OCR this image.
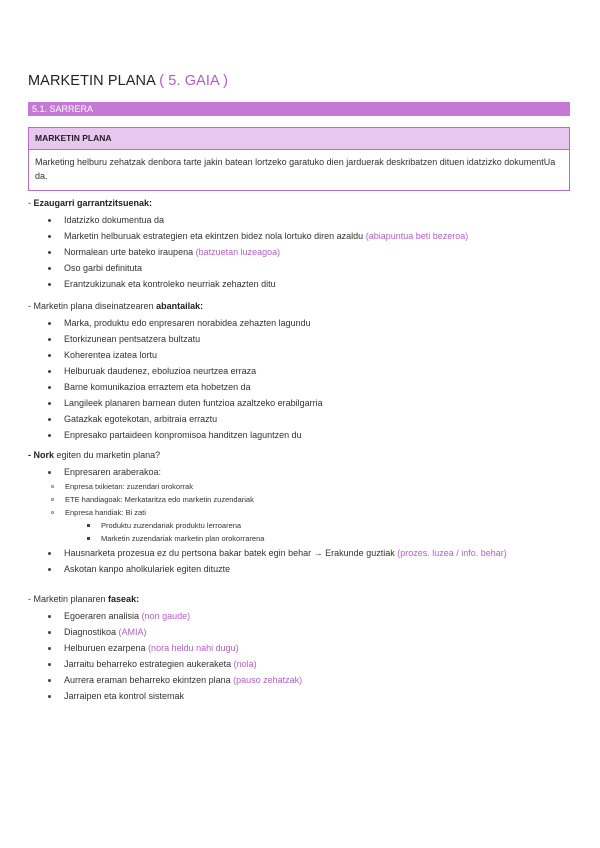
MARKETIN PLANA ( 5. GAIA )
5.1. SARRERA
MARKETIN PLANA
Marketing helburu zehatzak denbora tarte jakin batean lortzeko garatuko dien jarduerak deskribatzen dituen idatzizko dokumentUa da.
- Ezaugarri garrantzitsuenak:
Idatzizko dokumentua da
Marketin helburuak estrategien eta ekintzen bidez nola lortuko diren azaldu (abiapuntua beti bezeroa)
Normalean urte bateko iraupena (batzuetan luzeagoa)
Oso garbi definituta
Erantzukizunak eta kontroleko neurriak zehazten ditu
- Marketin plana diseinatzearen abantailak:
Marka, produktu edo enpresaren norabidea zehazten lagundu
Etorkizunean pentsatzera bultzatu
Koherentea izatea lortu
Helburuak daudenez, eboluzioa neurtzea erraza
Barne komunikazioa erraztem eta hobetzen da
Langileek planaren barnean duten funtzioa azaltzeko erabilgarria
Gatazkak egotekotan, arbitraia erraztu
Enpresako partaideen konpromisoa handitzen laguntzen du
- Nork egiten du marketin plana?
Enpresaren araberakoa:
Enpresa txikietan: zuzendari orokorrak
ETE handiagoak: Merkataritza edo marketin zuzendariak
Enpresa handiak: Bi zati
Produktu zuzendariak produktu lerroarena
Marketin zuzendariak marketin plan orokorrarena
Hausnarketa prozesua ez du pertsona bakar batek egin behar → Erakunde guztiak (prozes. luzea / info. behar)
Askotan kanpo aholkulariek egiten dituzte
- Marketin planaren faseak:
Egoeraren analisia (non gaude)
Diagnostikoa (AMIA)
Helburuen ezarpena (nora heldu nahi dugu)
Jarraitu beharreko estrategien aukeraketa (nola)
Aurrera eraman beharreko ekintzen plana (pauso zehatzak)
Jarraipen eta kontrol sistemak
